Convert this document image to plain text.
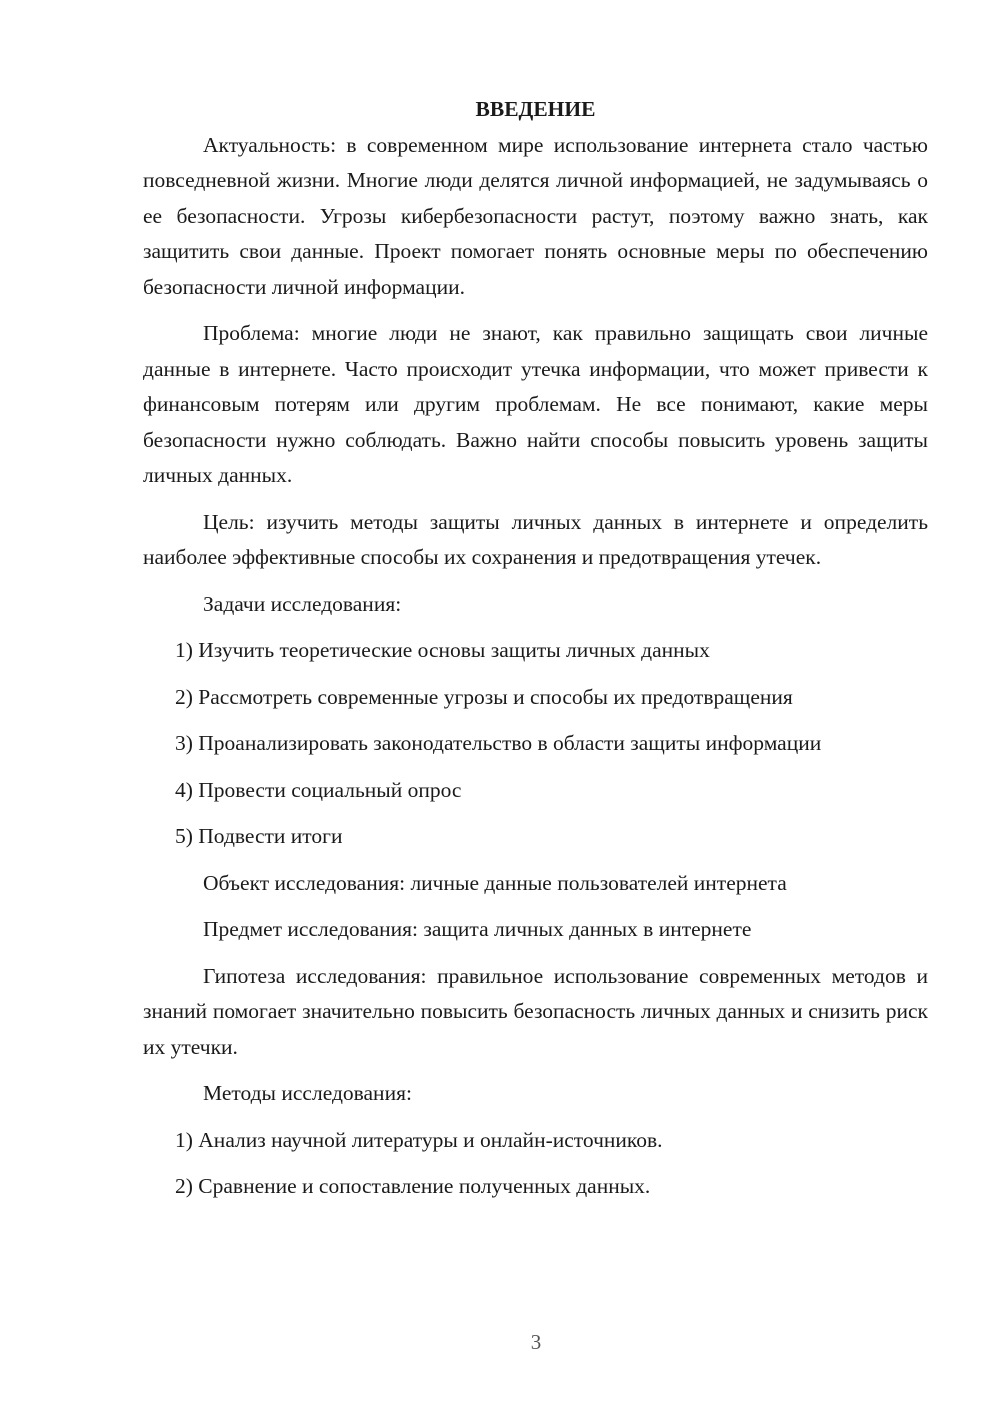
ВВЕДЕНИЕ

Актуальность: в современном мире использование интернета стало частью повседневной жизни. Многие люди делятся личной информацией, не задумываясь о ее безопасности. Угрозы кибербезопасности растут, поэтому важно знать, как защитить свои данные. Проект помогает понять основные меры по обеспечению безопасности личной информации.

Проблема: многие люди не знают, как правильно защищать свои личные данные в интернете. Часто происходит утечка информации, что может привести к финансовым потерям или другим проблемам. Не все понимают, какие меры безопасности нужно соблюдать. Важно найти способы повысить уровень защиты личных данных.

Цель: изучить методы защиты личных данных в интернете и определить наиболее эффективные способы их сохранения и предотвращения утечек.

Задачи исследования:

1) Изучить теоретические основы защиты личных данных

2) Рассмотреть современные угрозы и способы их предотвращения

3) Проанализировать законодательство в области защиты информации

4) Провести социальный опрос

5) Подвести итоги

Объект исследования: личные данные пользователей интернета

Предмет исследования: защита личных данных в интернете

Гипотеза исследования: правильное использование современных методов и знаний помогает значительно повысить безопасность личных данных и снизить риск их утечки.

Методы исследования:

1) Анализ научной литературы и онлайн-источников.

2) Сравнение и сопоставление полученных данных.

3
